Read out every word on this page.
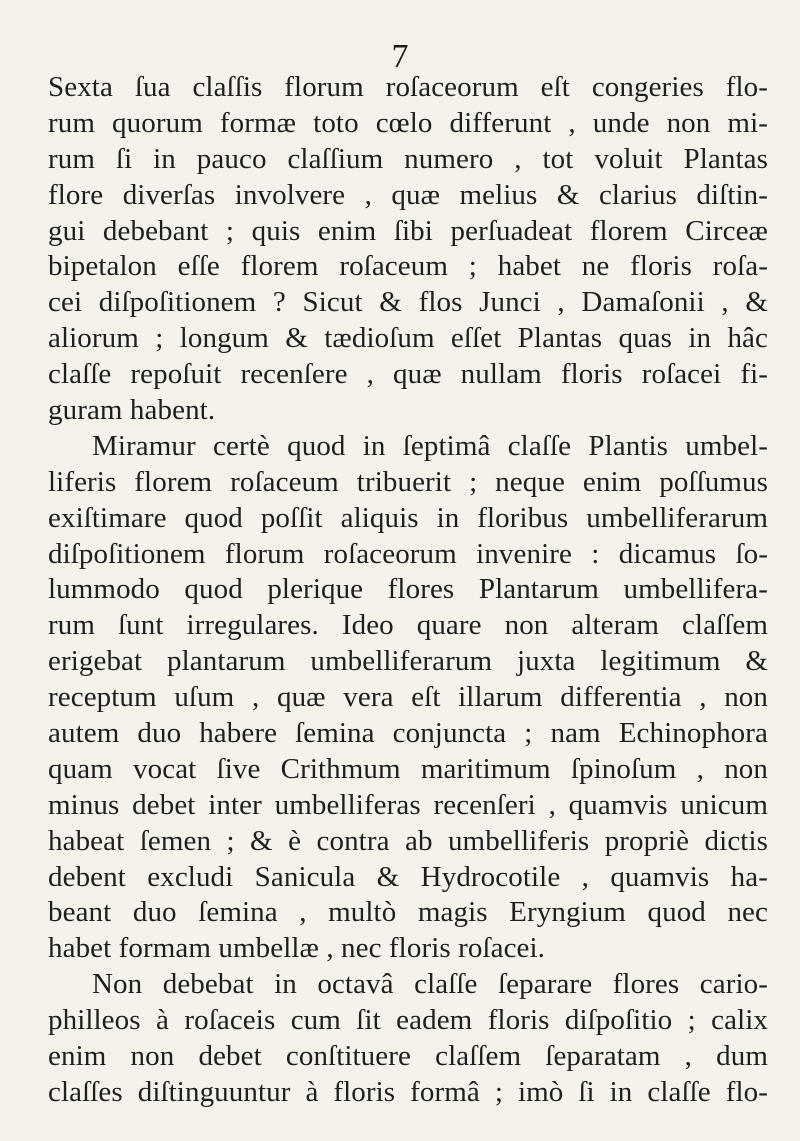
7
Sexta ſua claſſis florum roſaceorum eſt congeries flo-
rum quorum formæ toto cœlo differunt , unde non mi-
rum ſi in pauco claſſium numero , tot voluit Plantas
flore diverſas involvere , quæ melius & clarius diſtin-
gui debebant ; quis enim ſibi perſuadeat florem Circeæ
bipetalon eſſe florem roſaceum ; habet ne floris roſa-
cei diſpoſitionem ? Sicut & flos Junci , Damaſonii , &
aliorum ; longum & tædioſum eſſet Plantas quas in hâc
claſſe repoſuit recenſere , quæ nullam floris roſacei fi-
guram habent.
Miramur certè quod in ſeptimâ claſſe Plantis umbel-
liferis florem roſaceum tribuerit ; neque enim poſſumus
exiſtimare quod poſſit aliquis in floribus umbelliferarum
diſpoſitionem florum roſaceorum invenire : dicamus ſo-
lummodo quod plerique flores Plantarum umbellifera-
rum ſunt irregulares. Ideo quare non alteram claſſem
erigebat plantarum umbelliferarum juxta legitimum &
receptum uſum , quæ vera eſt illarum differentia , non
autem duo habere ſemina conjuncta ; nam Echinophora
quam vocat ſive Crithmum maritimum ſpinoſum , non
minus debet inter umbelliferas recenſeri , quamvis unicum
habeat ſemen ; & è contra ab umbelliferis propriè dictis
debent excludi Sanicula & Hydrocotile , quamvis ha-
beant duo ſemina , multò magis Eryngium quod nec
habet formam umbellæ , nec floris roſacei.
Non debebat in octavâ claſſe ſeparare flores cario-
philleos à roſaceis cum ſit eadem floris diſpoſitio ; calix
enim non debet conſtituere claſſem ſeparatam , dum
claſſes diſtinguuntur à floris formâ ; imò ſi in claſſe flo-
